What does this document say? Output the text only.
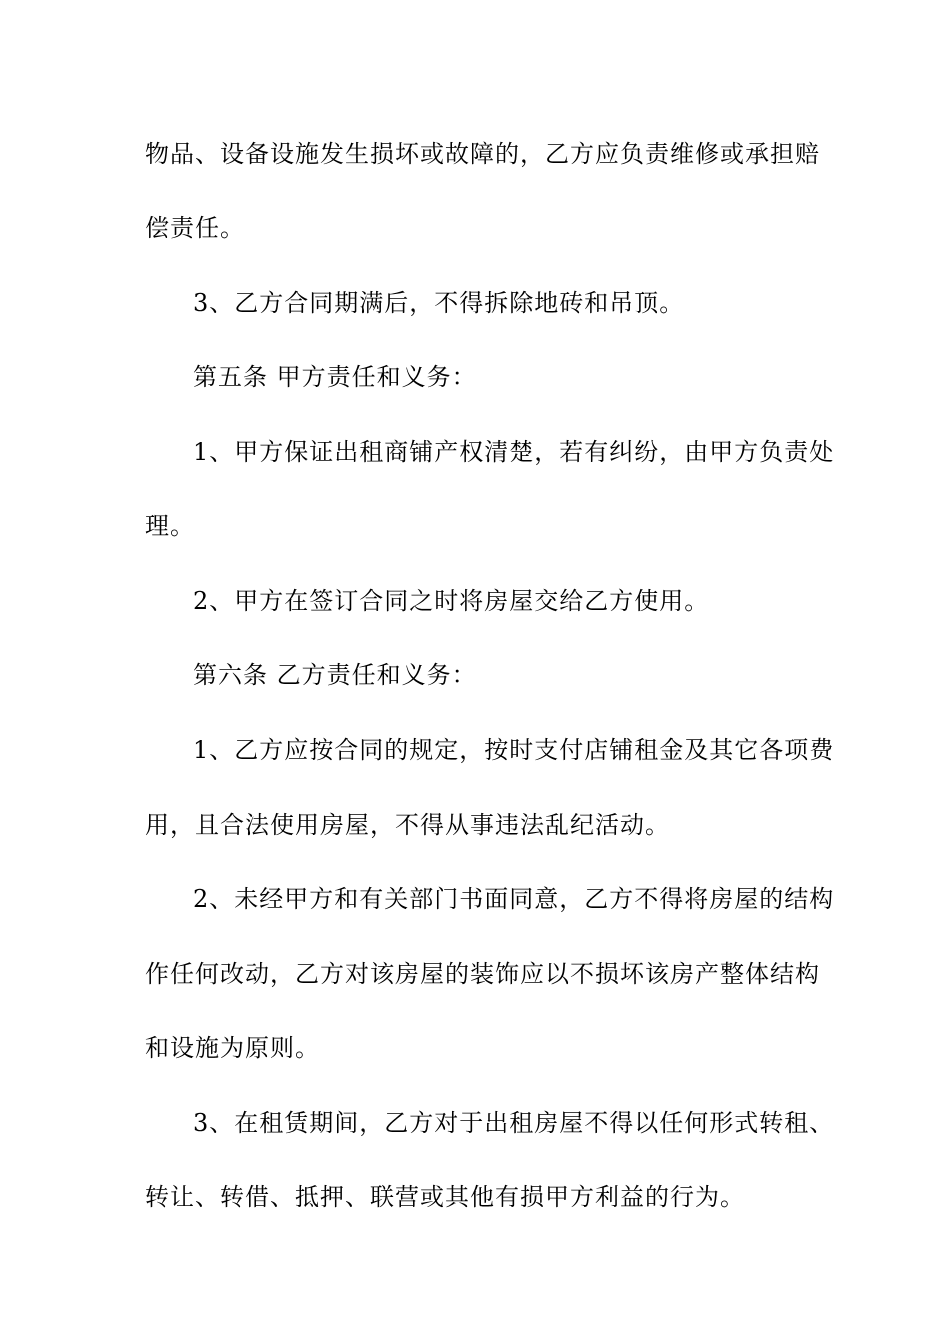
物品、设备设施发生损坏或故障的，乙方应负责维修或承担赔
偿责任。
3、乙方合同期满后，不得拆除地砖和吊顶。
第五条 甲方责任和义务：
1、甲方保证出租商铺产权清楚，若有纠纷，由甲方负责处
理。
2、甲方在签订合同之时将房屋交给乙方使用。
第六条 乙方责任和义务：
1、乙方应按合同的规定，按时支付店铺租金及其它各项费
用，且合法使用房屋，不得从事违法乱纪活动。
2、未经甲方和有关部门书面同意，乙方不得将房屋的结构
作任何改动，乙方对该房屋的装饰应以不损坏该房产整体结构
和设施为原则。
3、在租赁期间，乙方对于出租房屋不得以任何形式转租、
转让、转借、抵押、联营或其他有损甲方利益的行为。
